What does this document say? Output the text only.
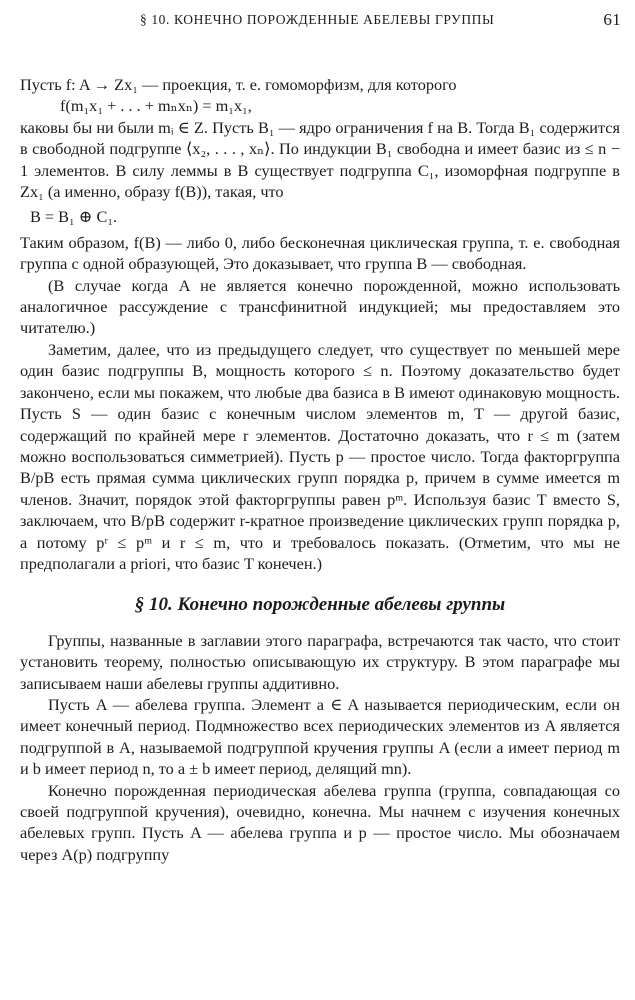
§ 10. КОНЕЧНО ПОРОЖДЕННЫЕ АБЕЛЕВЫ ГРУППЫ	61

Пусть f: A → Zx₁ — проекция, т. е. гомоморфизм, для которого

f(m₁x₁ + . . . + mₙxₙ) = m₁x₁,

каковы бы ни были mᵢ ∈ Z. Пусть B₁ — ядро ограничения f на B. Тогда B₁ содержится в свободной подгруппе ⟨x₂, . . . , xₙ⟩. По индукции B₁ свободна и имеет базис из ≤ n − 1 элементов. В силу леммы в B существует подгруппа C₁, изоморфная подгруппе в Zx₁ (а именно, образу f(B)), такая, что

B = B₁ ⊕ C₁.

Таким образом, f(B) — либо 0, либо бесконечная циклическая группа, т. е. свободная группа с одной образующей, Это доказывает, что группа B — свободная.

(В случае когда A не является конечно порожденной, можно использовать аналогичное рассуждение с трансфинитной индукцией; мы предоставляем это читателю.)

Заметим, далее, что из предыдущего следует, что существует по меньшей мере один базис подгруппы B, мощность которого ≤ n. Поэтому доказательство будет закончено, если мы покажем, что любые два базиса в B имеют одинаковую мощность. Пусть S — один базис с конечным числом элементов m, T — другой базис, содержащий по крайней мере r элементов. Достаточно доказать, что r ≤ m (затем можно воспользоваться симметрией). Пусть p — простое число. Тогда факторгруппа B/pB есть прямая сумма циклических групп порядка p, причем в сумме имеется m членов. Значит, порядок этой факторгруппы равен pᵐ. Используя базис T вместо S, заключаем, что B/pB содержит r-кратное произведение циклических групп порядка p, а потому pʳ ≤ pᵐ и r ≤ m, что и требовалось показать. (Отметим, что мы не предполагали a priori, что базис T конечен.)

§ 10. Конечно порожденные абелевы группы

Группы, названные в заглавии этого параграфа, встречаются так часто, что стоит установить теорему, полностью описывающую их структуру. В этом параграфе мы записываем наши абелевы группы аддитивно.

Пусть A — абелева группа. Элемент a ∈ A называется периодическим, если он имеет конечный период. Подмножество всех периодических элементов из A является подгруппой в A, называемой подгруппой кручения группы A (если a имеет период m и b имеет период n, то a ± b имеет период, делящий mn).

Конечно порожденная периодическая абелева группа (группа, совпадающая со своей подгруппой кручения), очевидно, конечна. Мы начнем с изучения конечных абелевых групп. Пусть A — абелева группа и p — простое число. Мы обозначаем через A(p) подгруппу
